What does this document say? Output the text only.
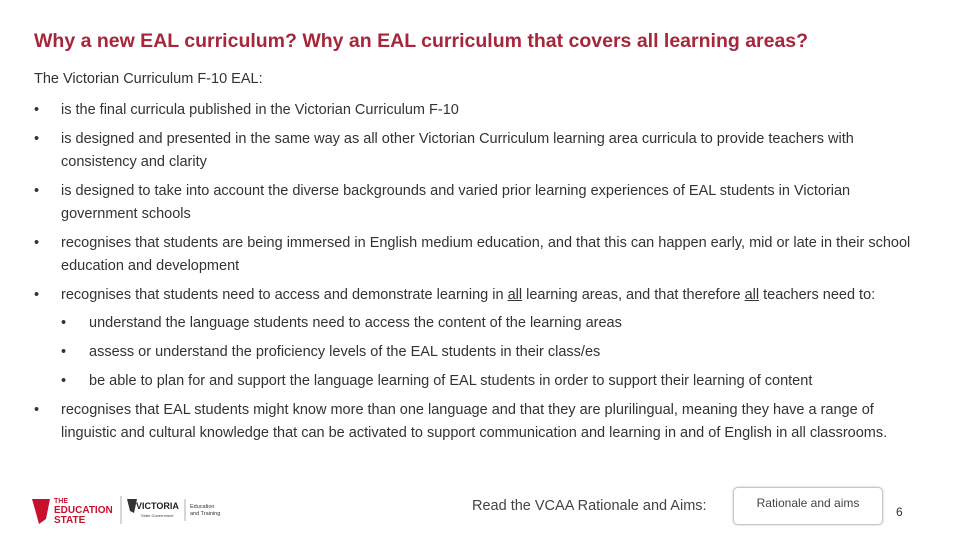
Why a new EAL curriculum? Why an EAL curriculum that covers all learning areas?
The Victorian Curriculum F-10 EAL:
• is the final curricula published in the Victorian Curriculum F-10
• is designed and presented in the same way as all other Victorian Curriculum learning area curricula to provide teachers with consistency and clarity
• is designed to take into account the diverse backgrounds and varied prior learning experiences of EAL students in Victorian government schools
• recognises that students are being immersed in English medium education, and that this can happen early, mid or late in their school education and development
• recognises that students need to access and demonstrate learning in all learning areas, and that therefore all teachers need to:
• understand the language students need to access the content of the learning areas
• assess or understand the proficiency levels of the EAL students in their class/es
• be able to plan for and support the language learning of EAL students in order to support their learning of content
• recognises that EAL students might know more than one language and that they are plurilingual, meaning they have a range of linguistic and cultural knowledge that can be activated to support communication and learning in and of English in all classrooms.
THE
EDUCATION
STATE
VICTORIA
State Government
Education
and Training	Read the VCAA Rationale and Aims:	Rationale and aims
6
